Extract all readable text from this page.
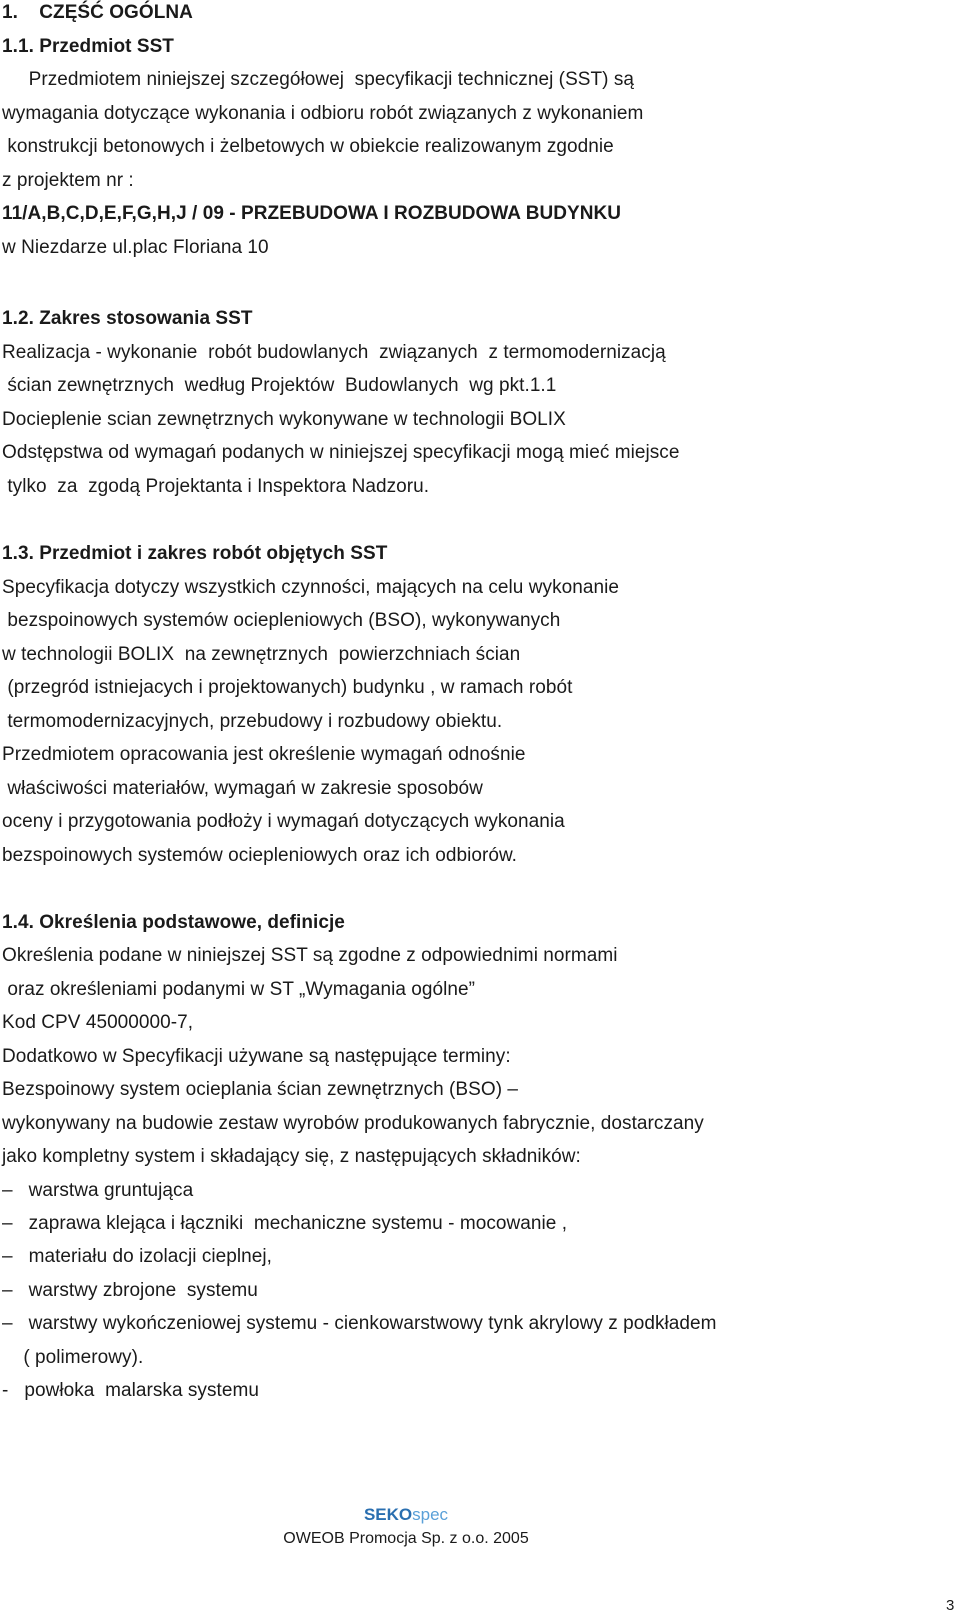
1.    CZĘŚĆ OGÓLNA
1.1. Przedmiot SST
Przedmiotem niniejszej szczegółowej  specyfikacji technicznej (SST) są
wymagania dotyczące wykonania i odbioru robót związanych z wykonaniem
konstrukcji betonowych i żelbetowych w obiekcie realizowanym zgodnie
z projektem nr :
11/A,B,C,D,E,F,G,H,J / 09 - PRZEBUDOWA I ROZBUDOWA BUDYNKU
w Niezdarze ul.plac Floriana 10
1.2. Zakres stosowania SST
Realizacja - wykonanie  robót budowlanych  związanych  z termomodernizacją
ścian zewnętrznych  według Projektów  Budowlanych  wg pkt.1.1
Docieplenie scian zewnętrznych wykonywane w technologii BOLIX
Odstępstwa od wymagań podanych w niniejszej specyfikacji mogą mieć miejsce
tylko  za  zgodą Projektanta i Inspektora Nadzoru.
1.3. Przedmiot i zakres robót objętych SST
Specyfikacja dotyczy wszystkich czynności, mających na celu wykonanie
bezspoinowych systemów ociepleniowych (BSO), wykonywanych
w technologii BOLIX  na zewnętrznych  powierzchniach ścian
(przegród istniejacych i projektowanych) budynku , w ramach robót
termomodernizacyjnych, przebudowy i rozbudowy obiektu.
Przedmiotem opracowania jest określenie wymagań odnośnie
właściwości materiałów, wymagań w zakresie sposobów
oceny i przygotowania podłoży i wymagań dotyczących wykonania
bezspoinowych systemów ociepleniowych oraz ich odbiorów.
1.4. Określenia podstawowe, definicje
Określenia podane w niniejszej SST są zgodne z odpowiednimi normami
oraz określeniami podanymi w ST „Wymagania ogólne”
Kod CPV 45000000-7,
Dodatkowo w Specyfikacji używane są następujące terminy:
Bezspoinowy system ocieplania ścian zewnętrznych (BSO) –
wykonywany na budowie zestaw wyrobów produkowanych fabrycznie, dostarczany
jako kompletny system i składający się, z następujących składników:
–   warstwa gruntująca
–   zaprawa klejąca i łączniki  mechaniczne systemu - mocowanie ,
–   materiału do izolacji cieplnej,
–   warstwy zbrojone  systemu
–   warstwy wykończeniowej systemu - cienkowarstwowy tynk akrylowy z podkładem
( polimerowy).
-   powłoka  malarska systemu
SEKOspec
OWEOB Promocja Sp. z o.o. 2005
3
